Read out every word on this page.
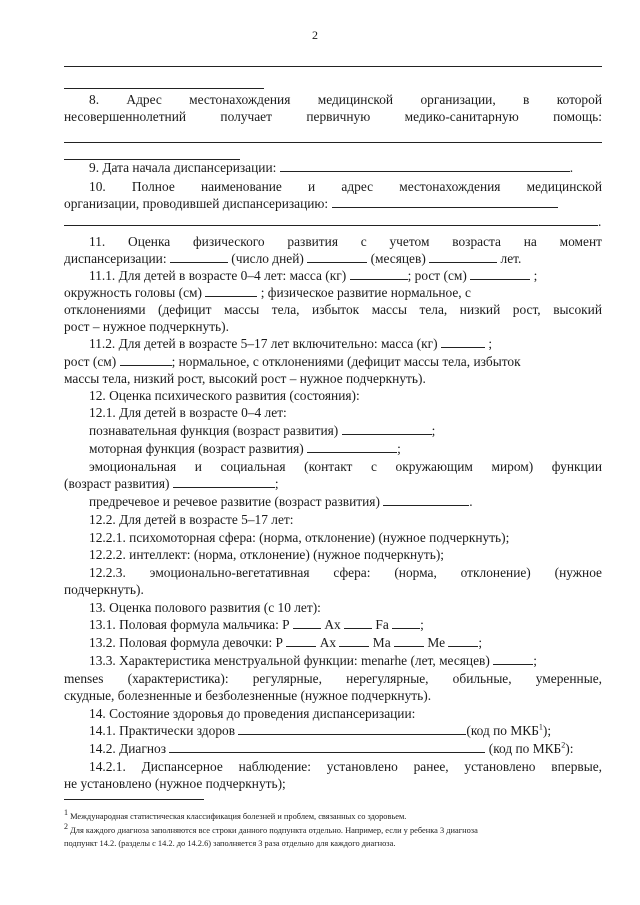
2
8. Адрес местонахождения медицинской организации, в которой
несовершеннолетний получает первичную медико-санитарную помощь:
9. Дата начала диспансеризации:	.
10. Полное наименование и адрес местонахождения медицинской
организации, проводившей диспансеризацию:
.
11. Оценка физического развития с учетом возраста на момент
диспансеризации:	(число дней)	(месяцев)	лет.
11.1. Для детей в возрасте 0–4 лет: масса (кг)	; рост (см)	;
окружность головы (см)	; физическое развитие нормальное, с
отклонениями (дефицит массы тела, избыток массы тела, низкий рост, высокий
рост – нужное подчеркнуть).
11.2. Для детей в возрасте 5–17 лет включительно: масса (кг)	;
рост (см)	; нормальное, с отклонениями (дефицит массы тела, избыток
массы тела, низкий рост, высокий рост – нужное подчеркнуть).
12. Оценка психического развития (состояния):
12.1. Для детей в возрасте 0–4 лет:
познавательная функция (возраст развития)	;
моторная функция (возраст развития)	;
эмоциональная и социальная (контакт с окружающим миром) функции
(возраст развития)	;
предречевое и речевое развитие (возраст развития)	.
12.2. Для детей в возрасте 5–17 лет:
12.2.1. психомоторная сфера: (норма, отклонение) (нужное подчеркнуть);
12.2.2. интеллект: (норма, отклонение) (нужное подчеркнуть);
12.2.3. эмоционально-вегетативная сфера: (норма, отклонение) (нужное
подчеркнуть).
13. Оценка полового развития (с 10 лет):
13.1. Половая формула мальчика: Р	Ах	Fa ;
13.2. Половая формула девочки: Р	Ах	Ма	Ме ;
13.3. Характеристика менструальной функции: menarhe (лет, месяцев)	;
menses (характеристика): регулярные, нерегулярные, обильные, умеренные,
скудные, болезненные и безболезненные (нужное подчеркнуть).
14. Состояние здоровья до проведения диспансеризации:
14.1. Практически здоров	(код по МКБ$^1$);
14.2. Диагноз	(код по МКБ$^2$):
14.2.1. Диспансерное наблюдение: установлено ранее, установлено впервые,
не установлено (нужное подчеркнуть);
1 Международная статистическая классификация болезней и проблем, связанных со здоровьем.
2 Для каждого диагноза заполняются все строки данного подпункта отдельно. Например, если у ребенка 3 диагноза
подпункт 14.2. (разделы с 14.2. до 14.2.6) заполняется 3 раза отдельно для каждого диагноза.
